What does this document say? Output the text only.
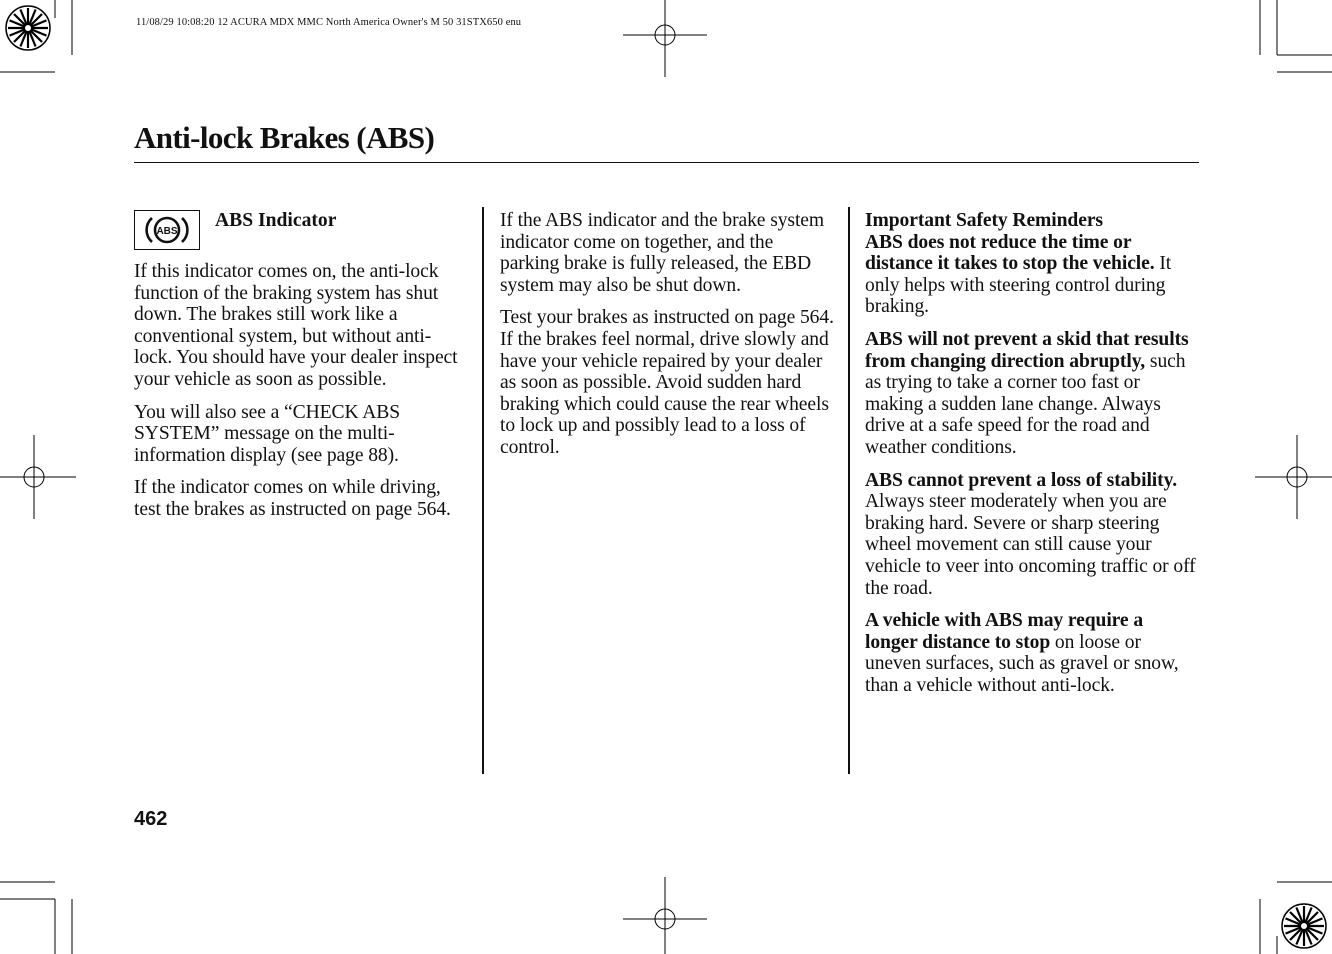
11/08/29 10:08:20 12 ACURA MDX MMC North America Owner's M 50 31STX650 enu
Anti-lock Brakes (ABS)
ABS
ABS Indicator

If this indicator comes on, the anti-lock function of the braking system has shut down. The brakes still work like a conventional system, but without anti-lock. You should have your dealer inspect your vehicle as soon as possible.

You will also see a “CHECK ABS SYSTEM” message on the multi-information display (see page 88).

If the indicator comes on while driving, test the brakes as instructed on page 564.

If the ABS indicator and the brake system indicator come on together, and the parking brake is fully released, the EBD system may also be shut down.

Test your brakes as instructed on page 564. If the brakes feel normal, drive slowly and have your vehicle repaired by your dealer as soon as possible. Avoid sudden hard braking which could cause the rear wheels to lock up and possibly lead to a loss of control.

Important Safety Reminders

ABS does not reduce the time or distance it takes to stop the vehicle. It only helps with steering control during braking.

ABS will not prevent a skid that results from changing direction abruptly, such as trying to take a corner too fast or making a sudden lane change. Always drive at a safe speed for the road and weather conditions.

ABS cannot prevent a loss of stability. Always steer moderately when you are braking hard. Severe or sharp steering wheel movement can still cause your vehicle to veer into oncoming traffic or off the road.

A vehicle with ABS may require a longer distance to stop on loose or uneven surfaces, such as gravel or snow, than a vehicle without anti-lock.

462
